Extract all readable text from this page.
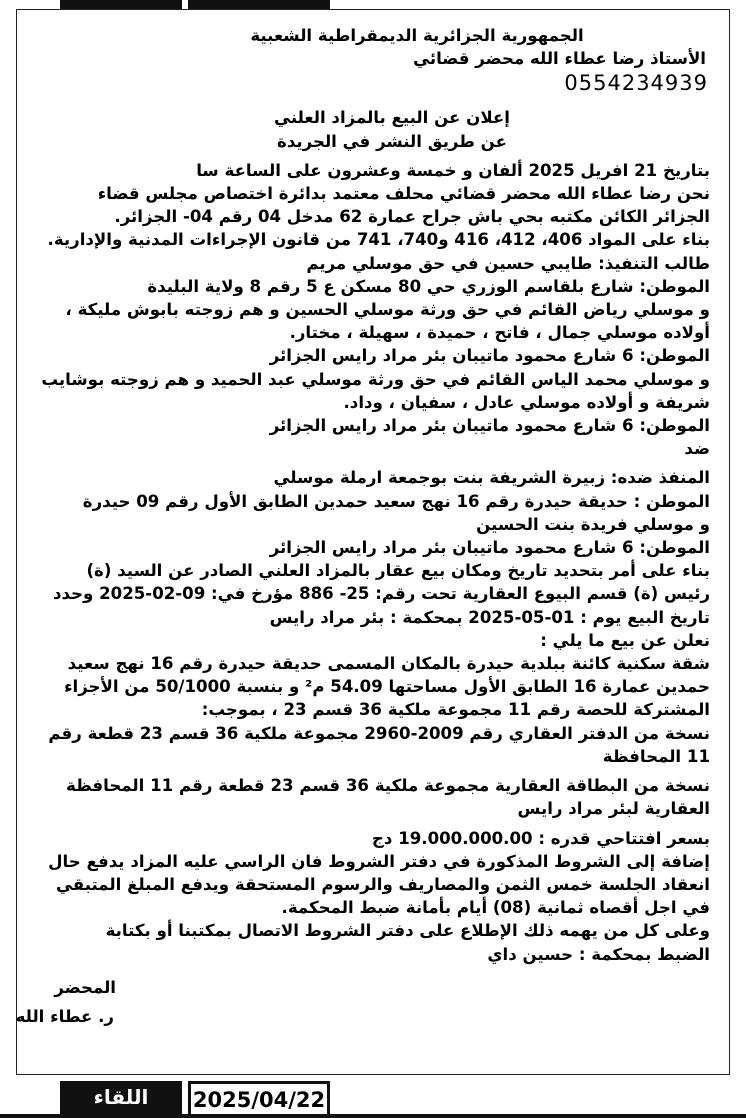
الجمهورية الجزائرية الديمقراطية الشعبية

الأستاذ رضا عطاء الله محضر قضائي

0554234939

إعلان عن البيع بالمزاد العلني

عن طريق النشر في الجريدة

بتاريخ 21 افريل 2025 ألفان و خمسة وعشرون على الساعة سا

نحن رضا عطاء الله محضر قضائي محلف معتمد بدائرة اختصاص مجلس قضاء

الجزائر الكائن مكتبه بحي باش جراح عمارة 62 مدخل 04 رقم 04- الجزائر.

بناء على المواد 406، 412، 416 و740، 741 من قانون الإجراءات المدنية والإدارية.

طالب التنفيذ: طايبي حسين في حق موسلي مريم

الموطن: شارع بلقاسم الوزري حي 80 مسكن ع 5 رقم 8 ولاية البليدة

و موسلي رياض القائم في حق ورثة موسلي الحسين و هم زوجته بابوش مليكة ،

أولاده موسلي جمال ، فاتح ، حميدة ، سهيلة ، مختار.

الموطن: 6 شارع محمود ماتيبان بئر مراد رايس الجزائر

و موسلي محمد الياس القائم في حق ورثة موسلي عبد الحميد و هم زوجته بوشايب

شريفة و أولاده موسلي عادل ، سفيان ، وداد.

الموطن: 6 شارع محمود ماتيبان بئر مراد رايس الجزائر

ضد

المنفذ ضده: زبيرة الشريفة بنت بوجمعة ارملة موسلي

الموطن : حديقة حيدرة رقم 16 نهج سعيد حمدين الطابق الأول رقم 09 حيدرة

و موسلي فريدة بنت الحسين

الموطن: 6 شارع محمود ماتيبان بئر مراد رايس الجزائر

بناء على أمر بتحديد تاريخ ومكان بيع عقار بالمزاد العلني الصادر عن السيد (ة)

رئيس (ة) قسم البيوع العقارية تحت رقم: 25- 886 مؤرخ في: 09-02-2025 وحدد

تاريخ البيع يوم : 01-05-2025 بمحكمة : بئر مراد رايس

نعلن عن بيع ما يلي :

شقة سكنية كائنة ببلدية حيدرة بالمكان المسمى حديقة حيدرة رقم 16 نهج سعيد

حمدين عمارة 16 الطابق الأول مساحتها 54.09 م² و بنسبة 50/1000 من الأجزاء

المشتركة للحصة رقم 11 مجموعة ملكية 36 قسم 23 ، بموجب:

نسخة من الدفتر العقاري رقم 2009-2960 مجموعة ملكية 36 قسم 23 قطعة رقم

11 المحافظة

نسخة من البطاقة العقارية مجموعة ملكية 36 قسم 23 قطعة رقم 11 المحافظة

العقارية لبئر مراد رايس

بسعر افتتاحي قدره : 19.000.000.00 دج

إضافة إلى الشروط المذكورة في دفتر الشروط فان الراسي عليه المزاد يدفع حال

انعقاد الجلسة خمس الثمن والمصاريف والرسوم المستحقة ويدفع المبلغ المتبقي

في اجل أقصاه ثمانية (08) أيام بأمانة ضبط المحكمة.

وعلى كل من يهمه ذلك الإطلاع على دفتر الشروط الاتصال بمكتبنا أو بكتابة

الضبط بمحكمة : حسين داي

المحضر

ر. عطاء الله

اللقاء	2025/04/22
